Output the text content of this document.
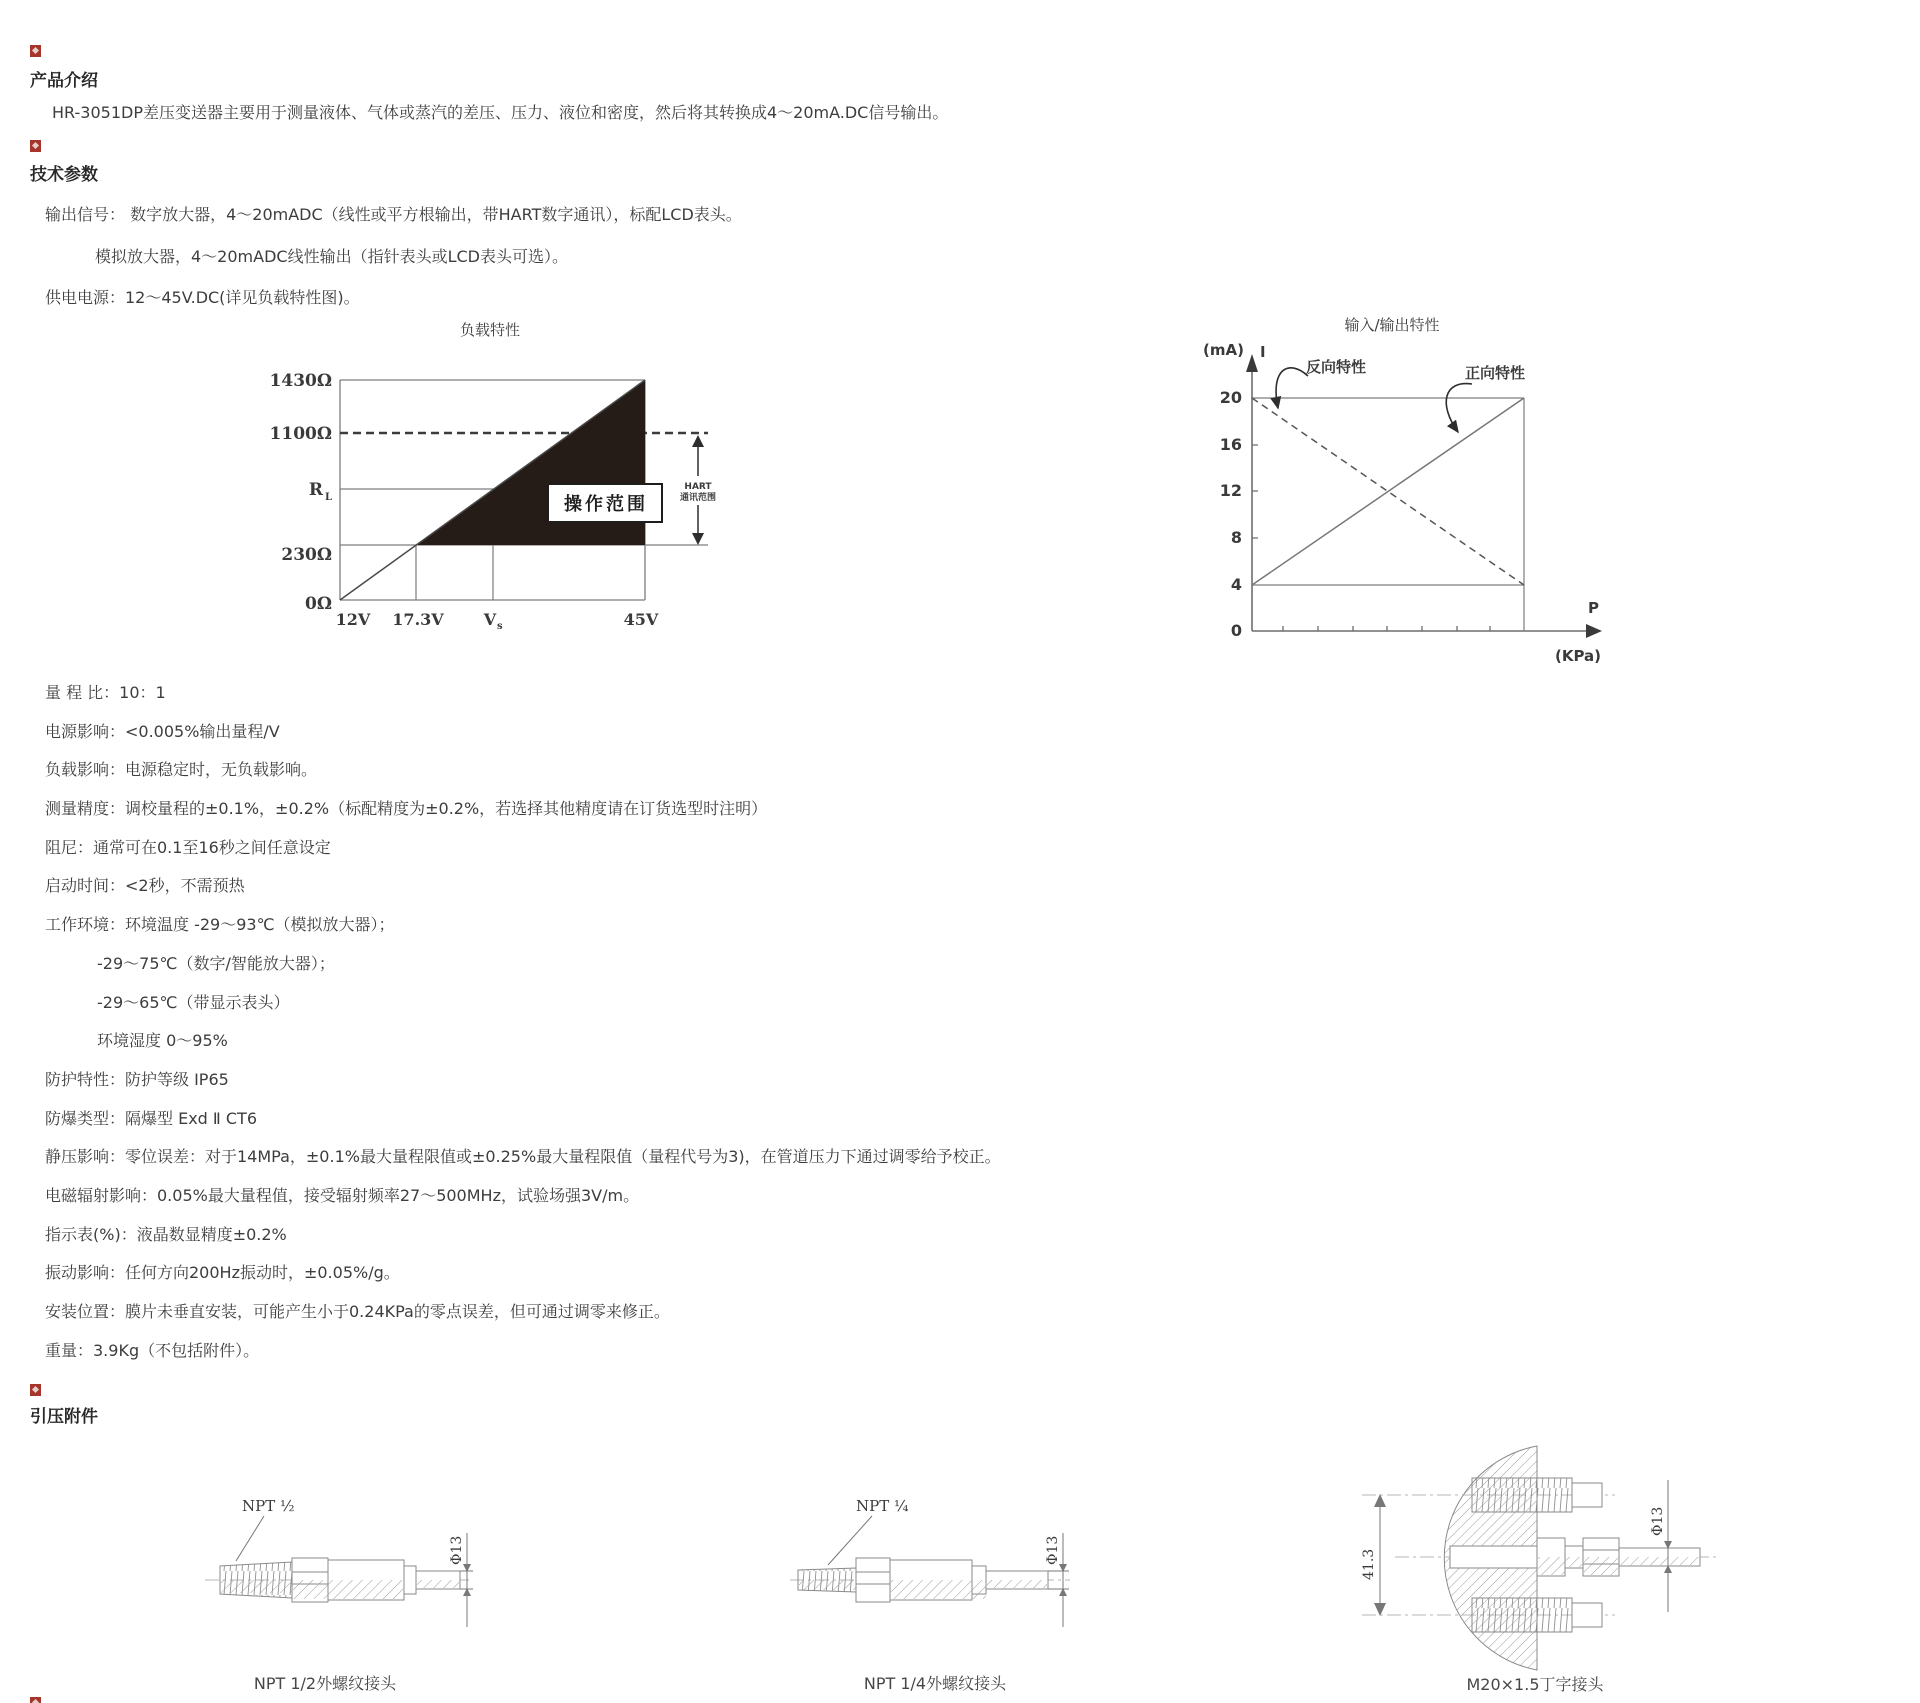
产品介绍

HR-3051DP差压变送器主要用于测量液体、气体或蒸汽的差压、压力、液位和密度，然后将其转换成4～20mA.DC信号输出。

技术参数

输出信号： 数字放大器，4～20mADC（线性或平方根输出，带HART数字通讯），标配LCD表头。

模拟放大器，4～20mADC线性输出（指针表头或LCD表头可选）。

供电电源：12～45V.DC(详见负载特性图)。

负载特性
操作范围
HART
通讯范围
1430Ω
1100Ω
R L
230Ω
0Ω
12V 17.3V	V s	45V
输入/输出特性
20
16
12
8
4
0
(mA) I
P
(KPa)
反向特性	正向特性

量 程 比：10：1

电源影响：<0.005%输出量程/V

负载影响：电源稳定时，无负载影响。

测量精度：调校量程的±0.1%，±0.2%（标配精度为±0.2%，若选择其他精度请在订货选型时注明）

阻尼：通常可在0.1至16秒之间任意设定

启动时间：<2秒，不需预热

工作环境：环境温度 -29～93℃（模拟放大器）；

-29～75℃（数字/智能放大器）；

-29～65℃（带显示表头）

环境湿度 0～95%

防护特性：防护等级 IP65

防爆类型：隔爆型 Exd Ⅱ CT6

静压影响：零位误差：对于14MPa，±0.1%最大量程限值或±0.25%最大量程限值（量程代号为3)，在管道压力下通过调零给予校正。

电磁辐射影响：0.05%最大量程值，接受辐射频率27～500MHz，试验场强3V/m。

指示表(%)：液晶数显精度±0.2%

振动影响：任何方向200Hz振动时，±0.05%/g。

安装位置：膜片未垂直安装，可能产生小于0.24KPa的零点误差，但可通过调零来修正。

重量：3.9Kg（不包括附件）。

引压附件
NPT ½
Φ13
NPT 1/2外螺纹接头
NPT ¼
Φ13
NPT 1/4外螺纹接头
41.3
Φ13
M20×1.5丁字接头
